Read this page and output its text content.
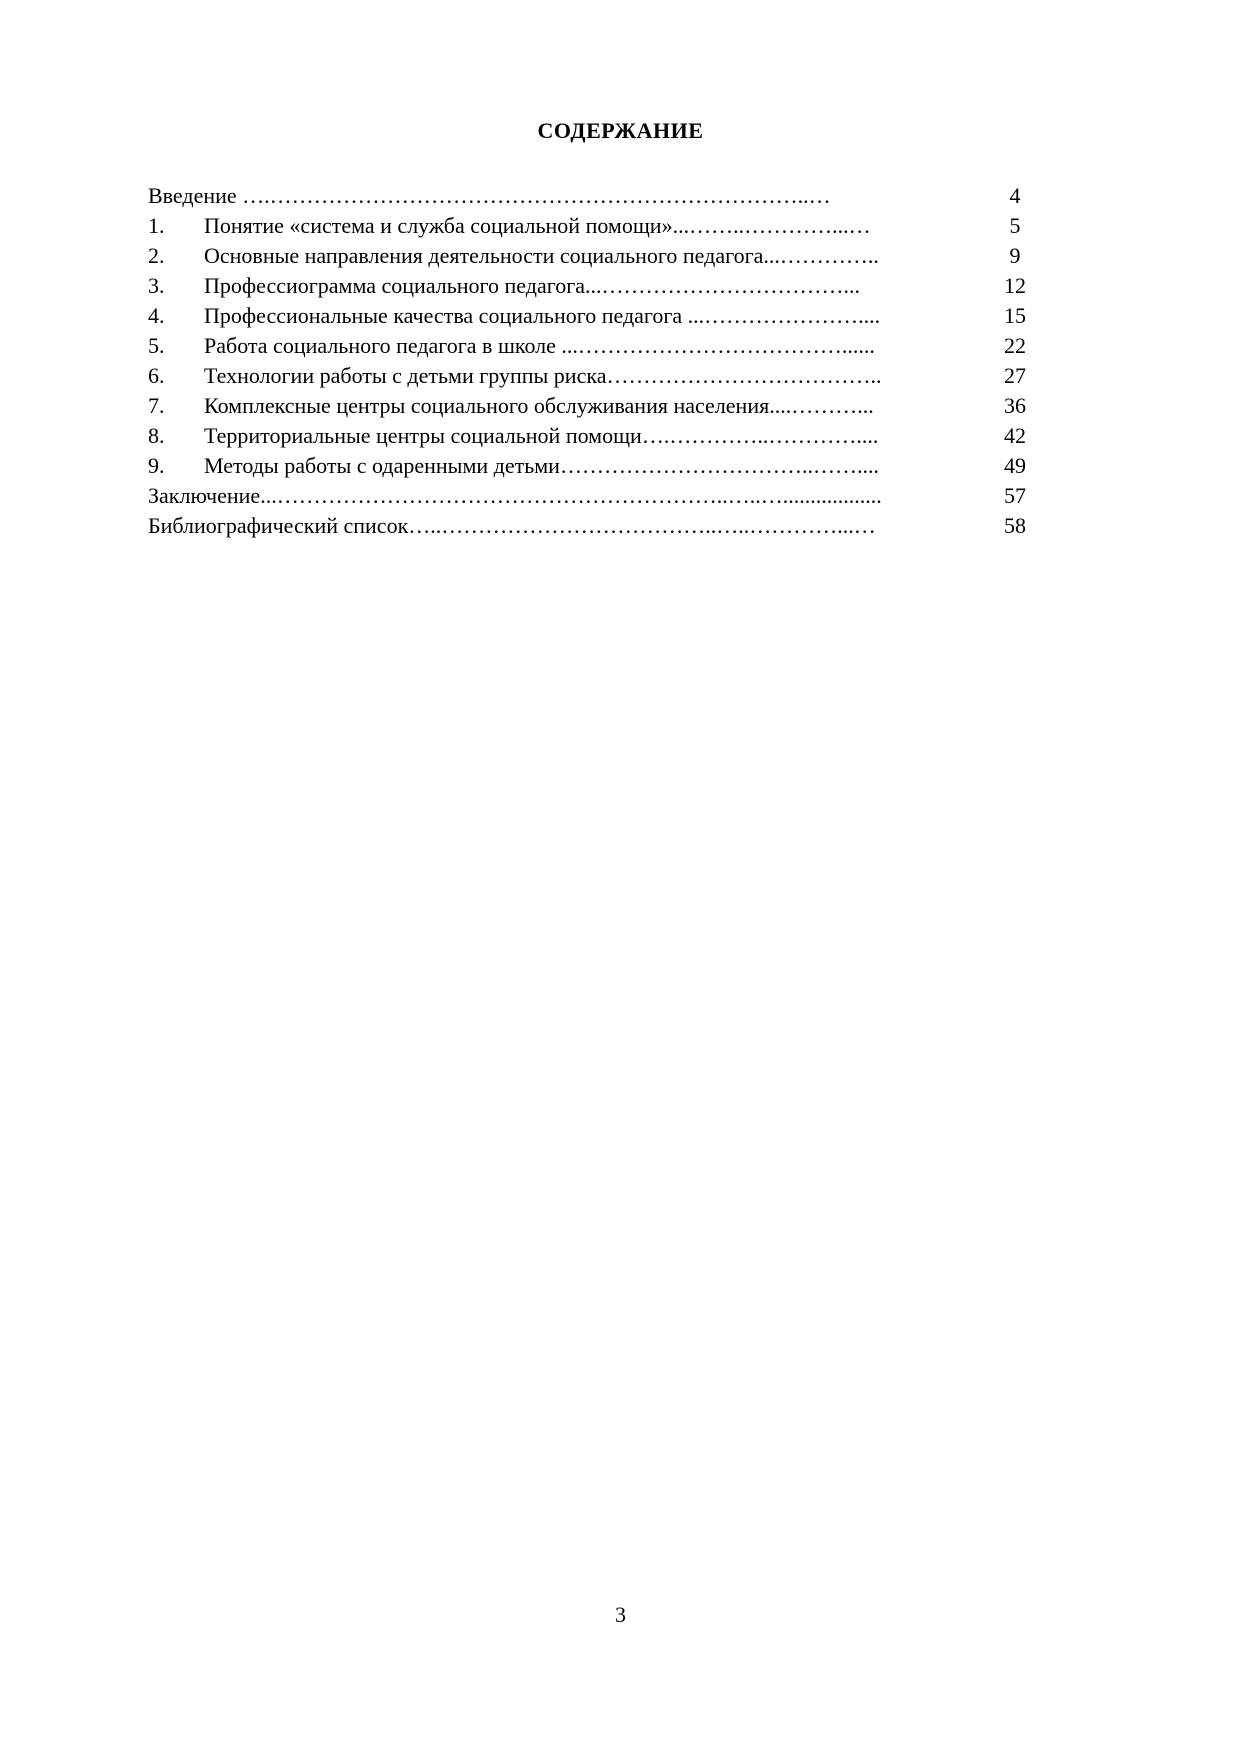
СОДЕРЖАНИЕ
Введение ….………………………………………………………………..…	4
1. Понятие «система и служба социальной помощи»...……..…………...…	5
2. Основные направления деятельности социального педагога...…………..	9
3. Профессиограмма социального педагога...……………………………...	12
4. Профессиональные качества социального педагога ...…………………....	15
5. Работа социального педагога в школе ...………………………………......	22
6. Технологии работы с детьми группы риска………………………………..	27
7. Комплексные центры социального обслуживания населения....………...	36
8. Территориальные центры социальной помощи….…………..…………....	42
9. Методы работы с одаренными детьми……………………………..……....	49
Заключение...……………………………………………………..…..…..................	57
Библиографический список…..………………………………..…..…………...…	58
3
